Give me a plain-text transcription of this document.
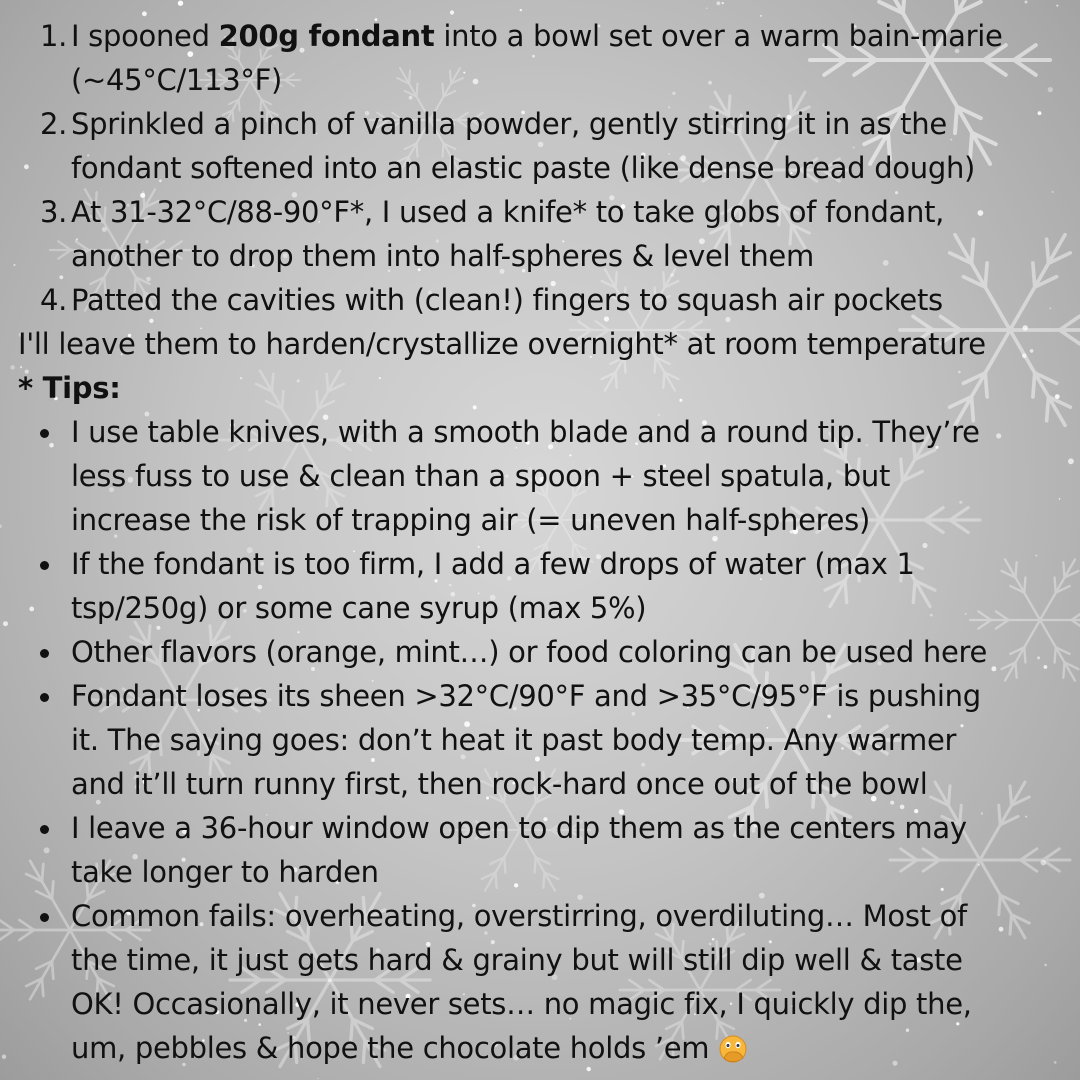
1. I spooned 200g fondant into a bowl set over a warm bain-marie
(~45°C/113°F)
2. Sprinkled a pinch of vanilla powder, gently stirring it in as the
fondant softened into an elastic paste (like dense bread dough)
3. At 31-32°C/88-90°F*, I used a knife* to take globs of fondant,
another to drop them into half-spheres & level them
4. Patted the cavities with (clean!) fingers to squash air pockets

I'll leave them to harden/crystallize overnight* at room temperature

* Tips:

I use table knives, with a smooth blade and a round tip. They’re
less fuss to use & clean than a spoon + steel spatula, but
increase the risk of trapping air (= uneven half-spheres)
If the fondant is too firm, I add a few drops of water (max 1
tsp/250g) or some cane syrup (max 5%)
Other flavors (orange, mint…) or food coloring can be used here
Fondant loses its sheen >32°C/90°F and >35°C/95°F is pushing
it. The saying goes: don’t heat it past body temp. Any warmer
and it’ll turn runny first, then rock-hard once out of the bowl
I leave a 36-hour window open to dip them as the centers may
take longer to harden
Common fails: overheating, overstirring, overdiluting… Most of
the time, it just gets hard & grainy but will still dip well & taste
OK! Occasionally, it never sets… no magic fix, I quickly dip the,
um, pebbles & hope the chocolate holds ’em
